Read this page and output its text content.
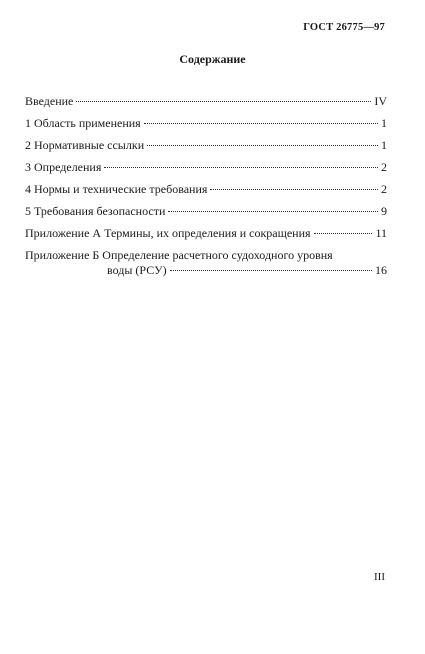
ГОСТ 26775—97
Содержание
Введение	IV
1 Область применения	1
2 Нормативные ссылки	1
3 Определения	2
4 Нормы и технические требования	2
5 Требования безопасности	9
Приложение А Термины, их определения и сокращения	11
Приложение Б Определение расчетного судоходного уровня
воды (РСУ)	16
III
